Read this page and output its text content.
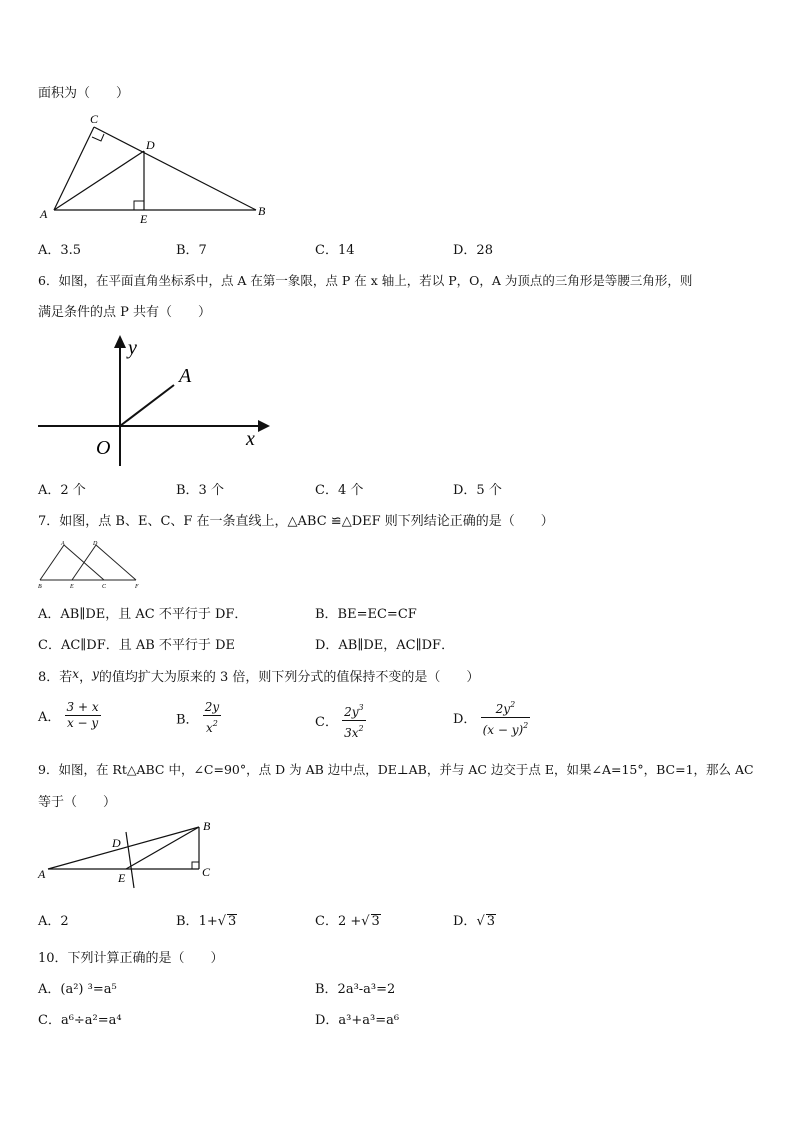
面积为（　　）
C
D
A	E
B
A．3.5	B．7	C．14	D．28
6．如图，在平面直角坐标系中，点 A 在第一象限，点 P 在 x 轴上，若以 P，O，A 为顶点的三角形是等腰三角形，则
满足条件的点 P 共有（　　）
y
A
O	x
A．2 个	B．3 个	C．4 个	D．5 个
7．如图，点 B、E、C、F 在一条直线上，△ABC ≌△DEF 则下列结论正确的是（　　）
A	D
B	E	C	F
A．AB∥DE，且 AC 不平行于 DF．	B．BE=EC=CF
C．AC∥DF．且 AB 不平行于 DE	D．AB∥DE，AC∥DF．
8．若x，y的值均扩大为原来的 3 倍，则下列分式的值保持不变的是（　　）
A． $\frac{3 + x}{x - y}$	B． $\frac{2y}{x^2}$	C． $\frac{2y^3}{3x^2}$	D． $\frac{2y^2}{(x - y)^2}$
9．如图，在 Rt△ABC 中，∠C=90°，点 D 为 AB 边中点，DE⊥AB，并与 AC 边交于点 E，如果∠A=15°，BC=1，那么 AC
等于（　　）
B
D
A	E	C
A．2	B．1+√ 3	C．2 +√ 3	D．√ 3
10．下列计算正确的是（　　）
A．(a²) ³=a⁵	B．2a³-a³=2
C．a⁶÷a²=a⁴	D．a³+a³=a⁶
